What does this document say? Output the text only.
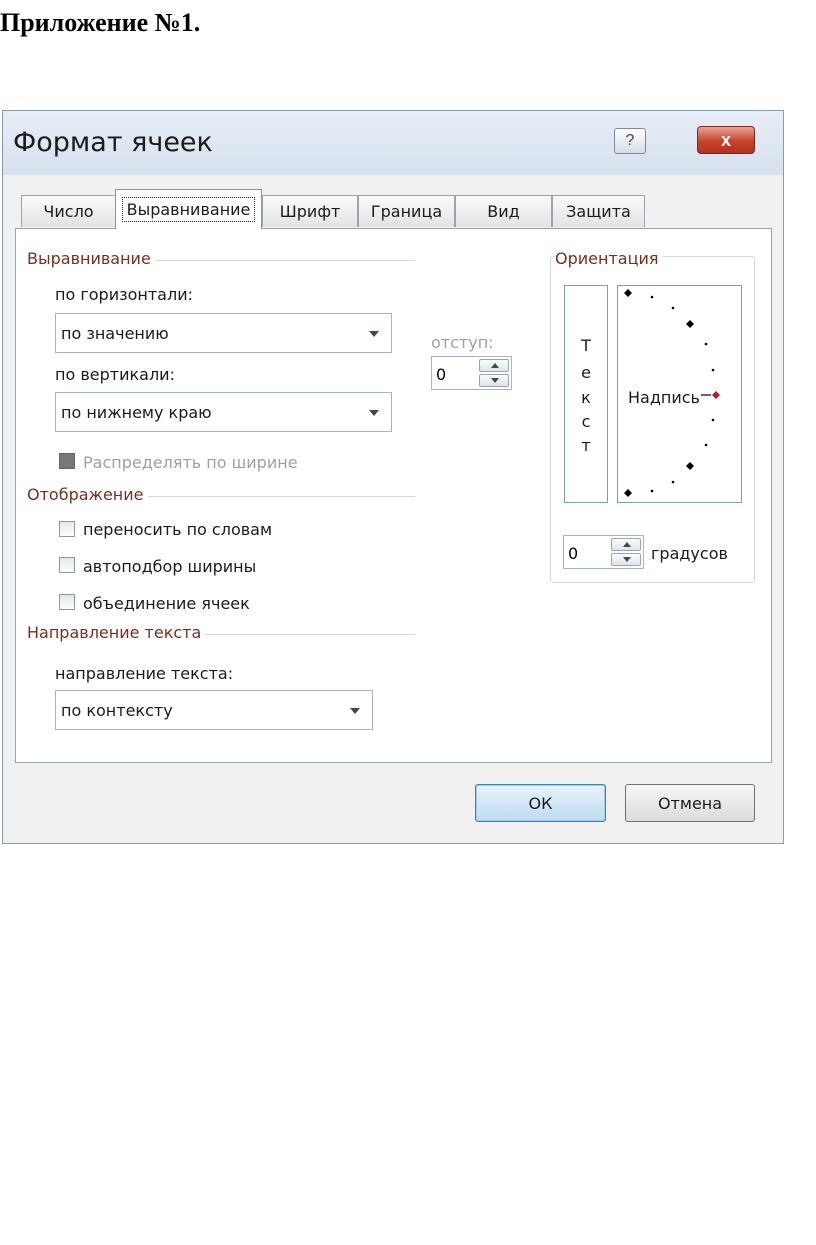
Приложение №1.
Формат ячеек	?	x
Число	Выравнивание	Шрифт Граница	Вид	Защита
Выравнивание
по горизонтали:
по значению	отступ:
0
по вертикали:
по нижнему краю
Распределять по ширине
Отображение
переносить по словам
автоподбор ширины
объединение ячеек
Направление текста
направление текста:
по контексту
Ориентация
Т
е
к
с
т
Надпись
0	градусов
ОК	Отмена
